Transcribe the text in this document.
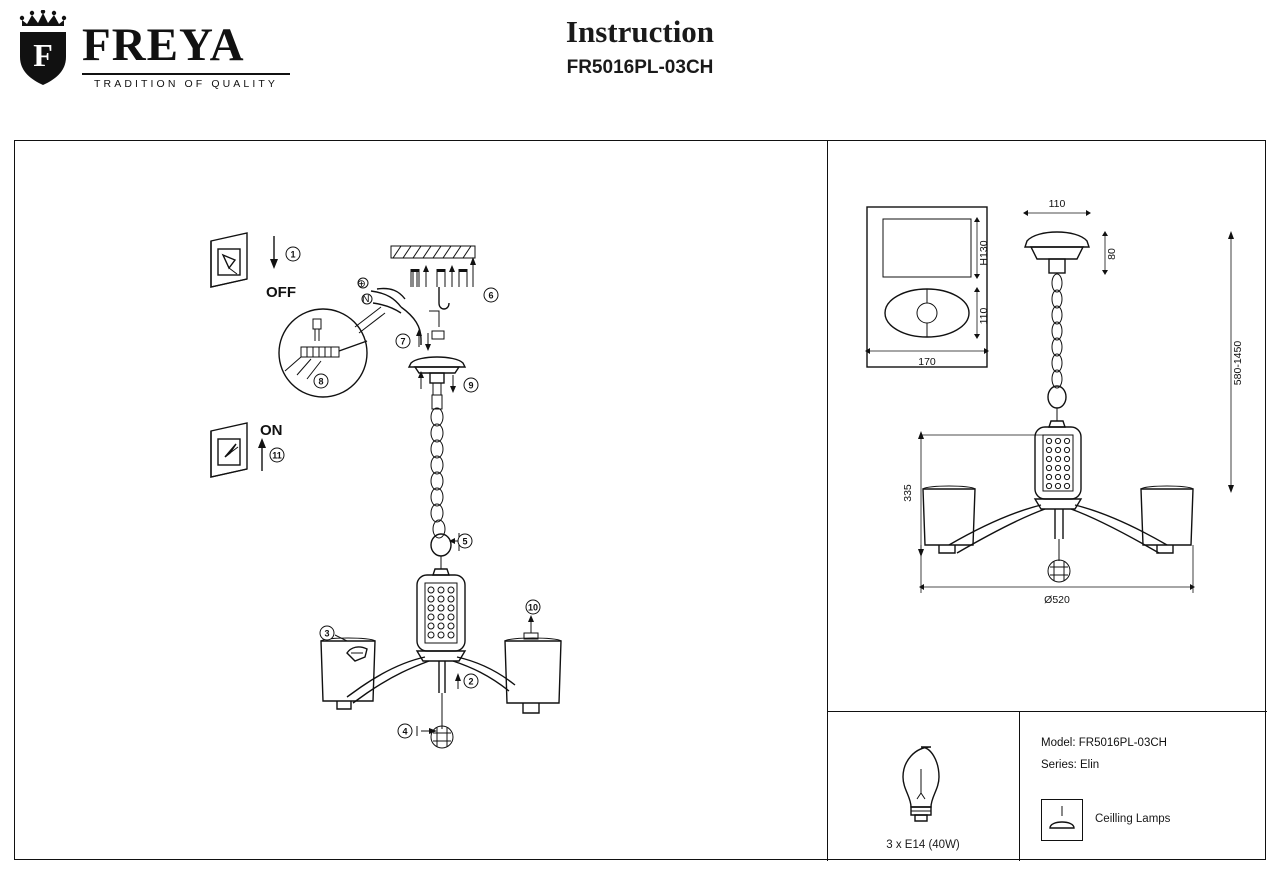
F FREYA
TRADITION OF QUALITY
Instruction
FR5016PL-03CH
1
OFF
11
ON
6
⊕
N
7
8	9
5
3
10
2
4
H130
110
170
110
80
580-1450
335
Ø520
3 x E14 (40W)
Model: FR5016PL-03CH
Series: Elin
Ceilling Lamps
